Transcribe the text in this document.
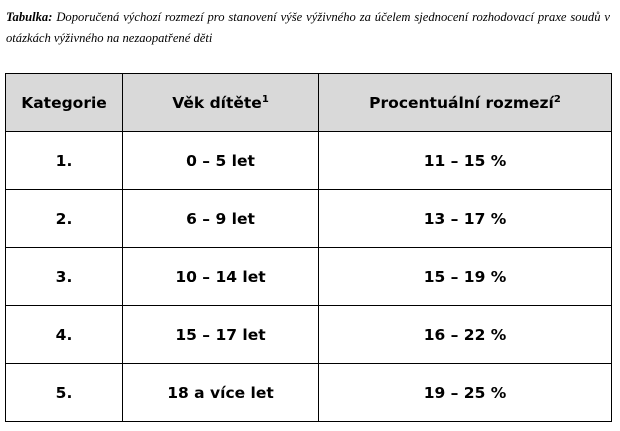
Tabulka: Doporučená výchozí rozmezí pro stanovení výše výživného za účelem sjednocení rozhodovací praxe soudů v otázkách výživného na nezaopatřené děti
Kategorie	Věk dítěte$^1$	Procentuální rozmezí$^2$
1.	0 – 5 let	11 – 15 %
2.	6 – 9 let	13 – 17 %
3.	10 – 14 let	15 – 19 %
4.	15 – 17 let	16 – 22 %
5.	18 a více let	19 – 25 %
